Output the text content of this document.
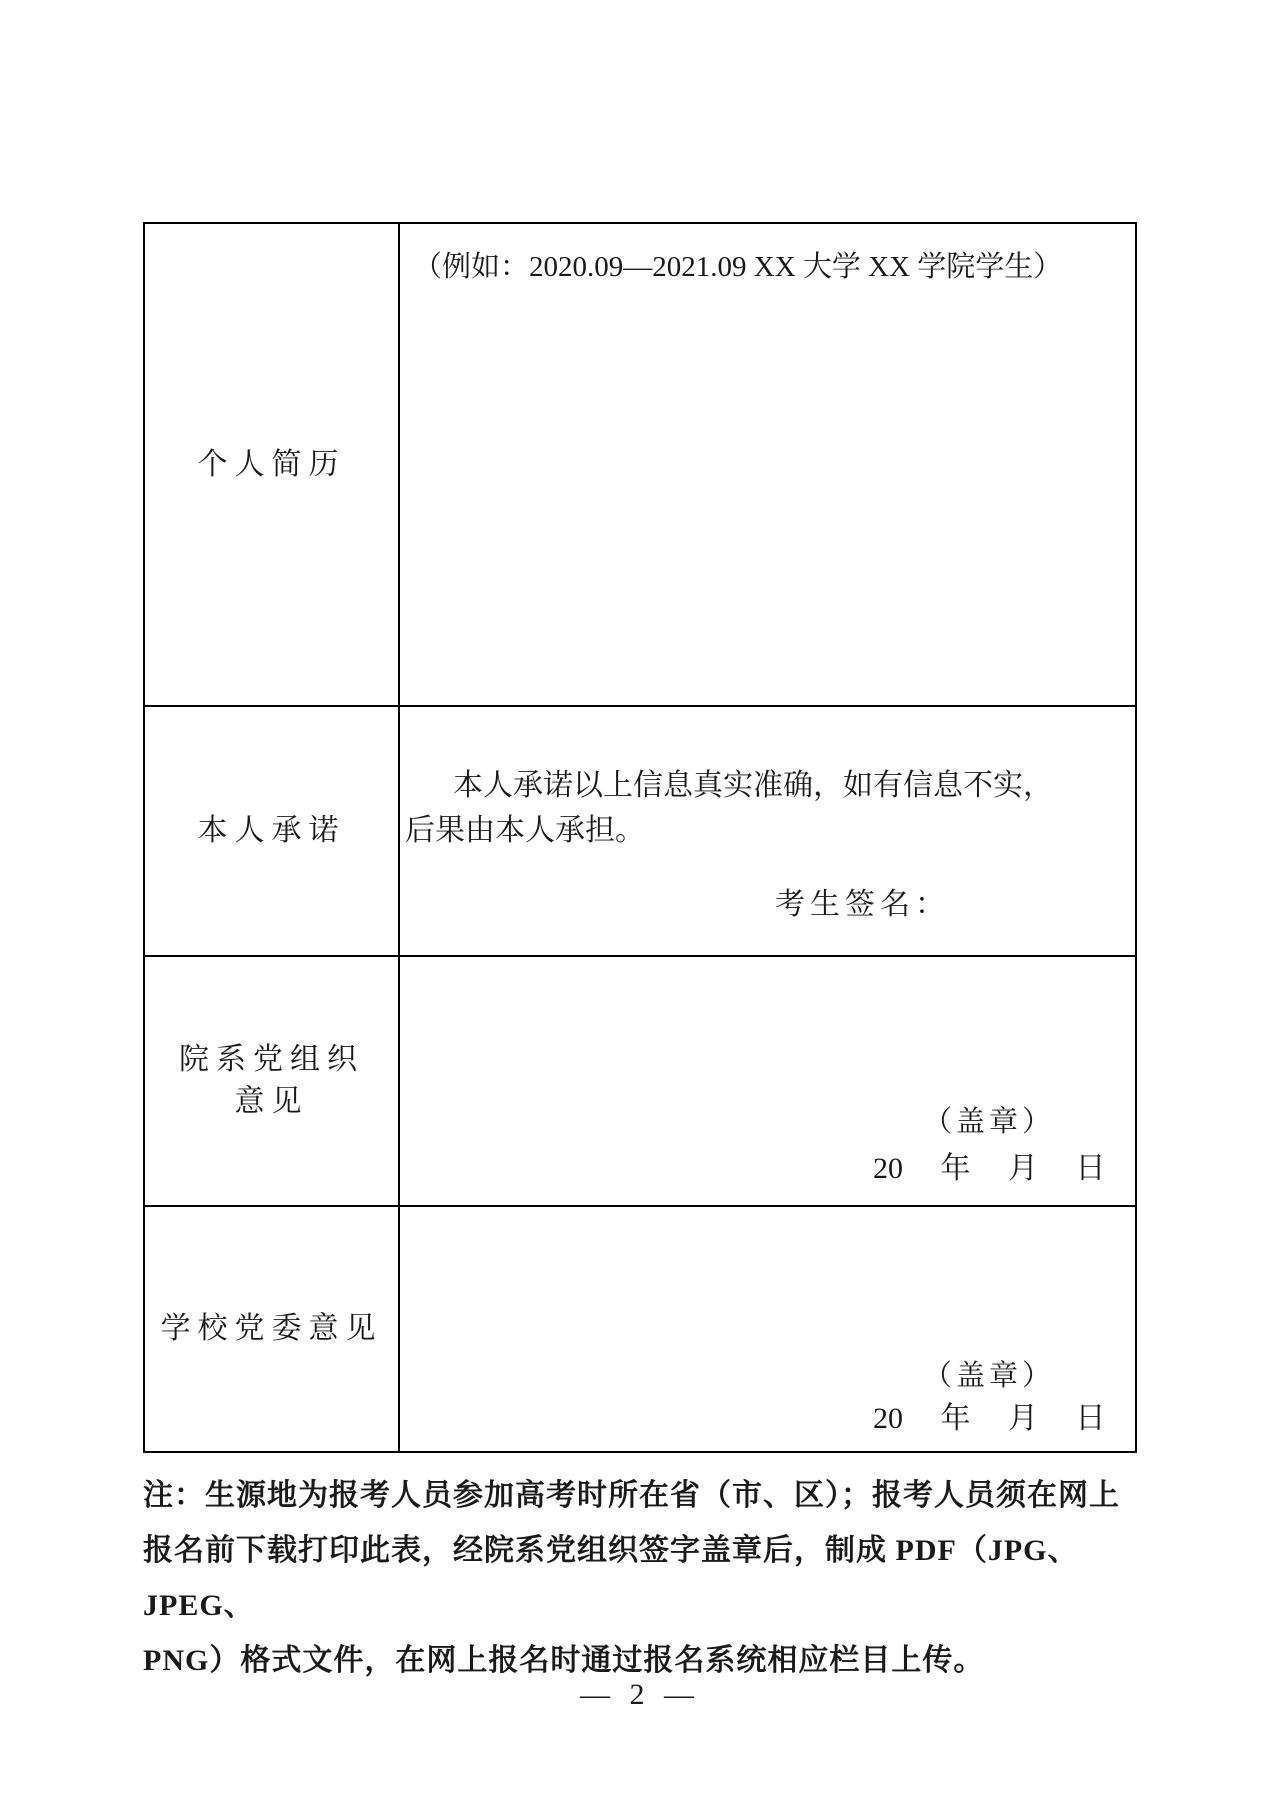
个人简历
（例如：2020.09—2021.09 XX 大学 XX 学院学生）
本人承诺
本人承诺以上信息真实准确，如有信息不实，
后果由本人承担。
考生签名：
院系党组织
意见
（盖章）
20　 年　 月　 日
学校党委意见
（盖章）
20　 年　 月　 日
注：生源地为报考人员参加高考时所在省（市、区）；报考人员须在网上
报名前下载打印此表，经院系党组织签字盖章后，制成 PDF（JPG、JPEG、
PNG）格式文件，在网上报名时通过报名系统相应栏目上传。
— 2 —
